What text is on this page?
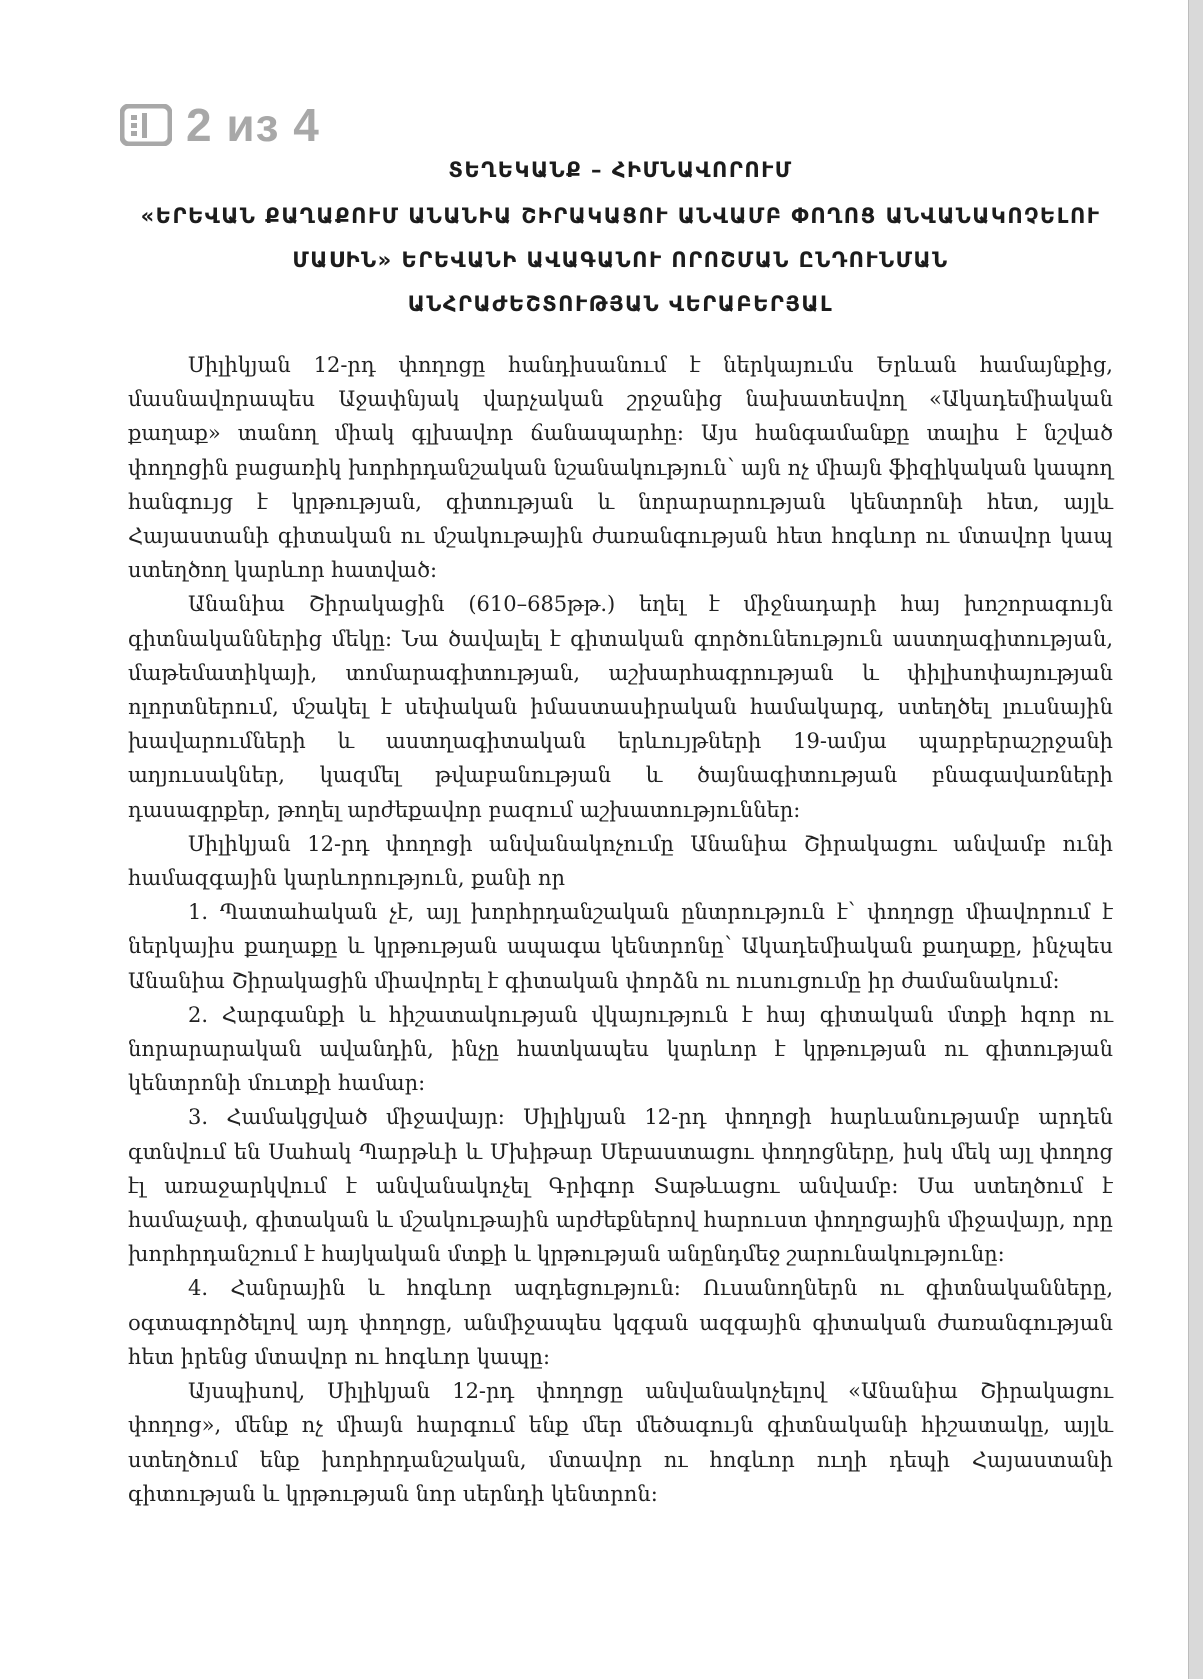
2 из 4

ՏԵՂԵԿԱՆՔ – ՀԻՄՆԱՎՈՐՈՒՄ

«ԵՐԵՎԱՆ ՔԱՂԱՔՈՒՄ ԱՆԱՆԻԱ ՇԻՐԱԿԱՑՈՒ ԱՆՎԱՄԲ ՓՈՂՈՑ ԱՆՎԱՆԱԿՈՉԵԼՈՒ

ՄԱՍԻՆ» ԵՐԵՎԱՆԻ ԱՎԱԳԱՆՈՒ ՈՐՈՇՄԱՆ ԸՆԴՈՒՆՄԱՆ

ԱՆՀՐԱԺԵՇՏՈՒԹՅԱՆ ՎԵՐԱԲԵՐՅԱԼ

Սիլիկյան 12-րդ փողոցը հանդիսանում է ներկայումս Երևան համայնքից, մասնավորապես Աջափնյակ վարչական շրջանից նախատեսվող «Ակադեմիական քաղաք» տանող միակ գլխավոր ճանապարհը: Այս հանգամանքը տալիս է նշված փողոցին բացառիկ խորհրդանշական նշանակություն՝ այն ոչ միայն ֆիզիկական կապող հանգույց է կրթության, գիտության և նորարարության կենտրոնի հետ, այլև Հայաստանի գիտական ու մշակութային ժառանգության հետ հոգևոր ու մտավոր կապ ստեղծող կարևոր հատված:

Անանիա Շիրակացին (610–685թթ.) եղել է միջնադարի հայ խոշորագույն գիտնականներից մեկը: Նա ծավալել է գիտական գործունեություն աստղագիտության, մաթեմատիկայի, տոմարագիտության, աշխարհագրության և փիլիսոփայության ոլորտներում, մշակել է սեփական իմաստասիրական համակարգ, ստեղծել լուսնային խավարումների և աստղագիտական երևույթների 19-ամյա պարբերաշրջանի աղյուսակներ, կազմել թվաբանության և ծայնագիտության բնագավառների դասագրքեր, թողել արժեքավոր բազում աշխատություններ:

Սիլիկյան 12-րդ փողոցի անվանակոչումը Անանիա Շիրակացու անվամբ ունի համազգային կարևորություն, քանի որ

1. Պատահական չէ, այլ խորհրդանշական ընտրություն է՝ փողոցը միավորում է ներկայիս քաղաքը և կրթության ապագա կենտրոնը՝ Ակադեմիական քաղաքը, ինչպես Անանիա Շիրակացին միավորել է գիտական փորձն ու ուսուցումը իր ժամանակում:

2. Հարգանքի և հիշատակության վկայություն է հայ գիտական մտքի հզոր ու նորարարական ավանդին, ինչը հատկապես կարևոր է կրթության ու գիտության կենտրոնի մուտքի համար:

3. Համակցված միջավայր: Սիլիկյան 12-րդ փողոցի հարևանությամբ արդեն գտնվում են Սահակ Պարթևի և Մխիթար Սեբաստացու փողոցները, իսկ մեկ այլ փողոց էլ առաջարկվում է անվանակոչել Գրիգոր Տաթևացու անվամբ: Սա ստեղծում է համաչափ, գիտական և մշակութային արժեքներով հարուստ փողոցային միջավայր, որը խորհրդանշում է հայկական մտքի և կրթության անընդմեջ շարունակությունը:

4. Հանրային և հոգևոր ազդեցություն: Ուսանողներն ու գիտնականները, օգտագործելով այդ փողոցը, անմիջապես կզգան ազգային գիտական ժառանգության հետ իրենց մտավոր ու հոգևոր կապը:

Այսպիսով, Սիլիկյան 12-րդ փողոցը անվանակոչելով «Անանիա Շիրակացու փողոց», մենք ոչ միայն հարգում ենք մեր մեծագույն գիտնականի հիշատակը, այլև ստեղծում ենք խորհրդանշական, մտավոր ու հոգևոր ուղի դեպի Հայաստանի գիտության և կրթության նոր սերնդի կենտրոն:
